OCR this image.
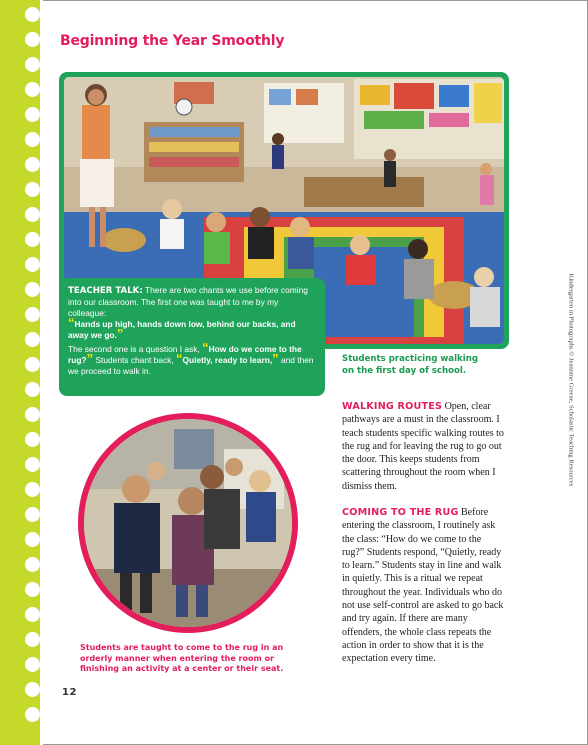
Beginning the Year Smoothly

TEACHER TALK: There are two chants we use before coming into our classroom. The first one was taught to me by my colleague:

“Hands up high, hands down low, behind our backs, and away we go.”

The second one is a question I ask, “How do we come to the rug?” Students chant back, “Quietly, ready to learn,” and then we proceed to walk in.

Students practicing walking on the first day of school.

Students are taught to come to the rug in an orderly manner when entering the room or finishing an activity at a center or their seat.

12

WALKING ROUTES Open, clear pathways are a must in the classroom. I teach students specific walking routes to the rug and for leaving the rug to go out the door. This keeps students from scattering throughout the room when I dismiss them.

COMING TO THE RUG Before entering the classroom, I routinely ask the class: “How do we come to the rug?” Students respond, “Quietly, ready to learn.” Students stay in line and walk in quietly. This is a ritual we repeat throughout the year. Individuals who do not use self-control are asked to go back and try again. If there are many offenders, the whole class repeats the action in order to show that it is the expectation every time.

Kindergarten in Photographs © Jeannine Greene, Scholastic Teaching Resources
